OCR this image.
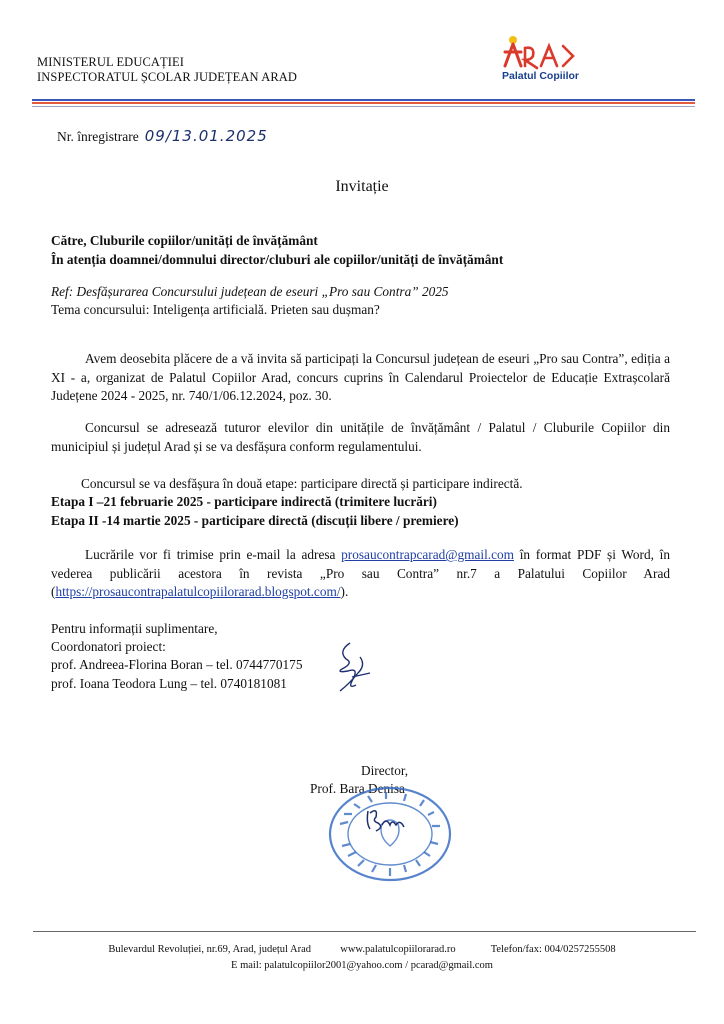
MINISTERUL EDUCAȚIEI
INSPECTORATUL ȘCOLAR JUDEȚEAN ARAD	Palatul Copiilor
Nr. înregistrare 09/13.01.2025
Invitație
Către, Cluburile copiilor/unități de învățământ
În atenția doamnei/domnului director/cluburi ale copiilor/unități de învățământ
Ref: Desfășurarea Concursului județean de eseuri „Pro sau Contra” 2025
Tema concursului: Inteligența artificială. Prieten sau dușman?
Avem deosebita plăcere de a vă invita să participați la Concursul județean de eseuri „Pro sau Contra”, ediția a XI - a, organizat de Palatul Copiilor Arad, concurs cuprins în Calendarul Proiectelor de Educație Extrașcolară Județene 2024 - 2025, nr. 740/1/06.12.2024, poz. 30.
Concursul se adresează tuturor elevilor din unitățile de învățământ / Palatul / Cluburile Copiilor din municipiul și județul Arad și se va desfășura conform regulamentului.
Concursul se va desfășura în două etape: participare directă și participare indirectă.
Etapa I –21 februarie 2025 - participare indirectă (trimitere lucrări)
Etapa II -14 martie 2025 - participare directă (discuții libere / premiere)
Lucrările vor fi trimise prin e-mail la adresa prosaucontrapcarad@gmail.com în format PDF și Word, în vederea publicării acestora în revista „Pro sau Contra” nr.7 a Palatului Copiilor Arad (https://prosaucontrapalatulcopiilorarad.blogspot.com/).
Pentru informații suplimentare,
Coordonatori proiect:
prof. Andreea-Florina Boran – tel. 0744770175
prof. Ioana Teodora Lung – tel. 0740181081
Director,
Prof. Bara Denisa
Bulevardul Revoluției, nr.69, Arad, județul Arad	www.palatulcopiilorarad.ro	Telefon/fax: 004/0257255508
E mail: palatulcopiilor2001@yahoo.com / pcarad@gmail.com
